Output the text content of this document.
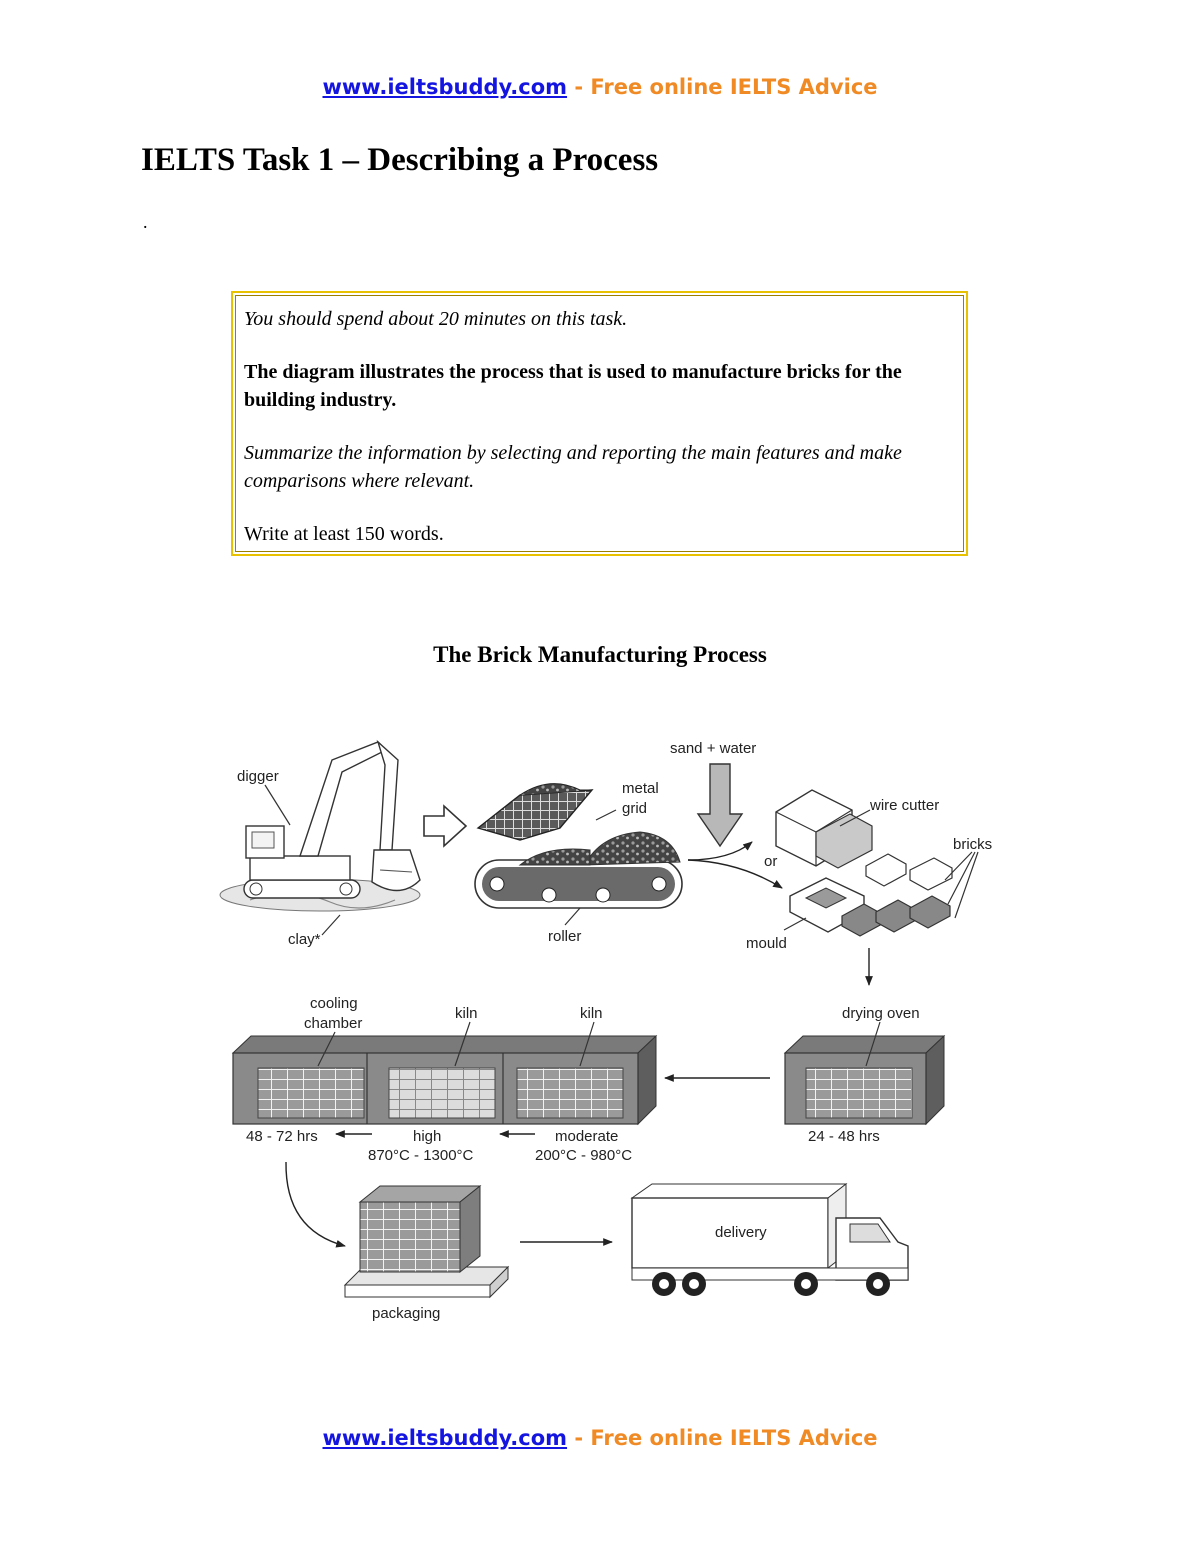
www.ieltsbuddy.com - Free online IELTS Advice
IELTS Task 1 – Describing a Process
.

You should spend about 20 minutes on this task.

The diagram illustrates the process that is used to manufacture bricks for the building industry.

Summarize the information by selecting and reporting the main features and make comparisons where relevant.

Write at least 150 words.

The Brick Manufacturing Process
digger
clay*
metal
grid
roller
sand + water
or
wire cutter
bricks
mould
cooling
chamber
kiln	kiln	drying oven
48 - 72 hrs	high
870°C - 1300°C
moderate
200°C - 980°C
24 - 48 hrs
packaging
delivery
www.ieltsbuddy.com - Free online IELTS Advice
